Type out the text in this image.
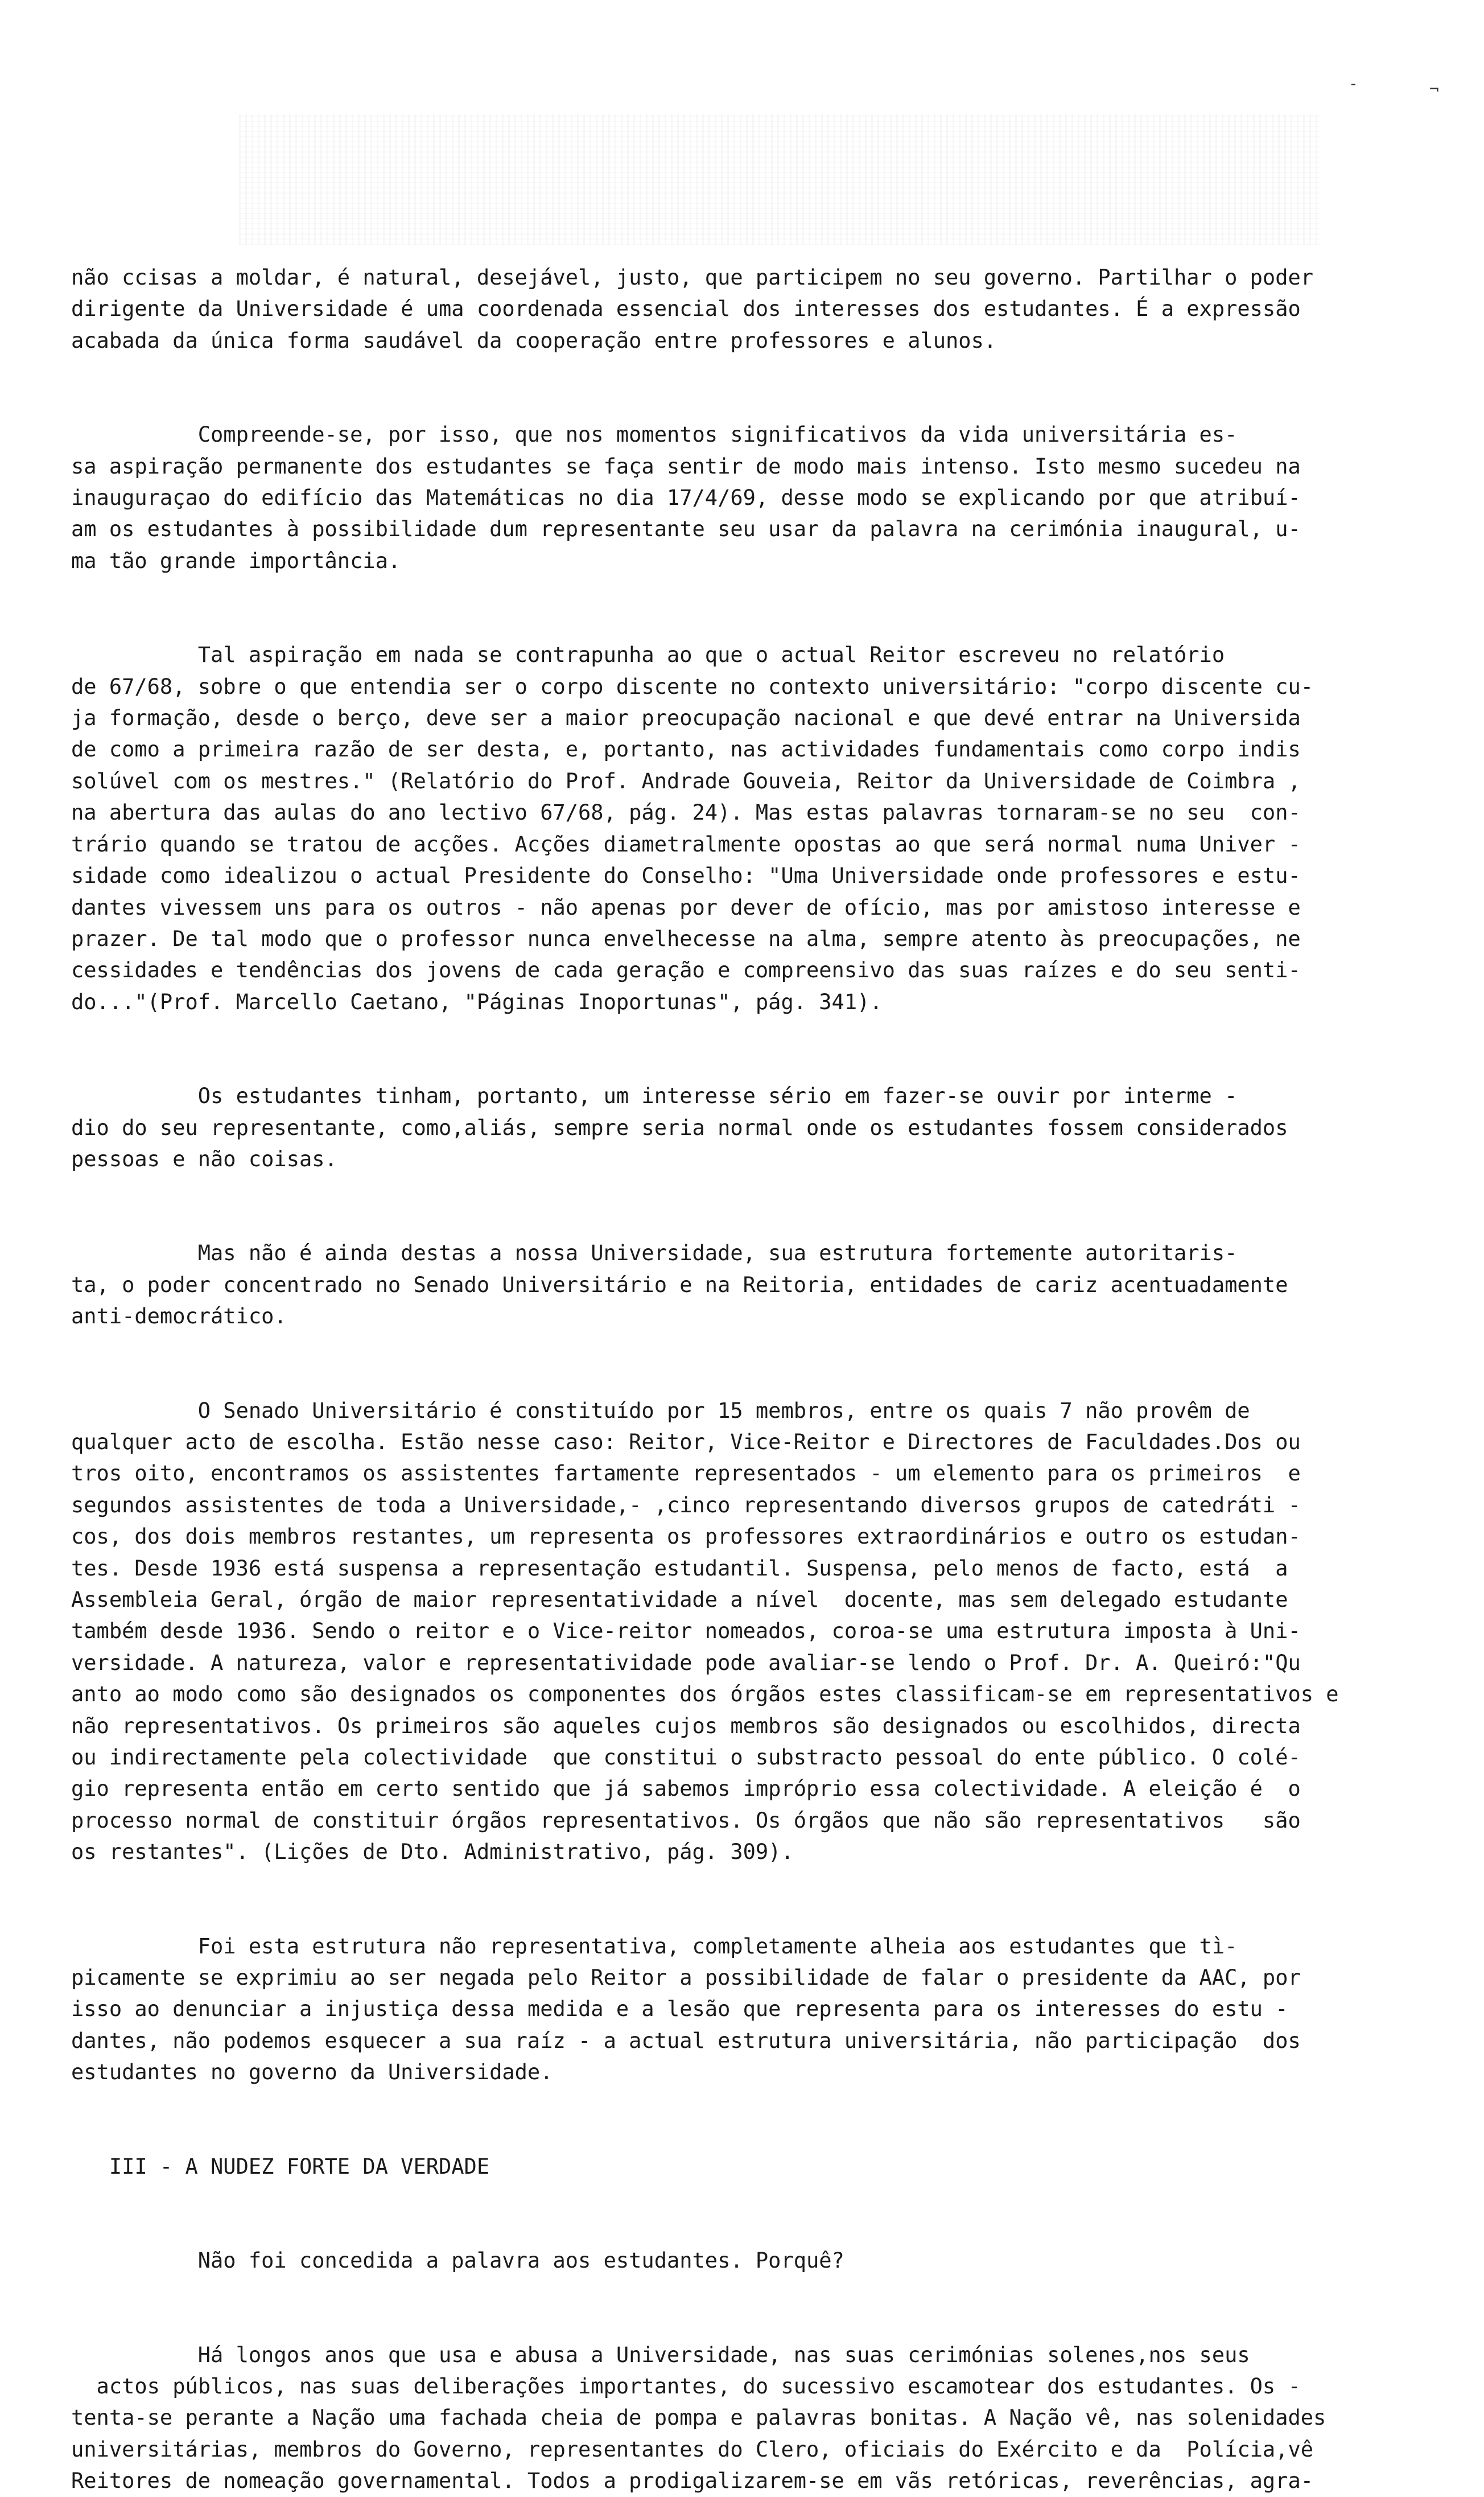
-	¬
não ccisas a moldar, é natural, desejável, justo, que participem no seu governo. Partilhar o poder
dirigente da Universidade é uma coordenada essencial dos interesses dos estudantes. É a expressão
acabada da única forma saudável da cooperação entre professores e alunos.
Compreende-se, por isso, que nos momentos significativos da vida universitária es-
sa aspiração permanente dos estudantes se faça sentir de modo mais intenso. Isto mesmo sucedeu na
inauguraçao do edifício das Matemáticas no dia 17/4/69, desse modo se explicando por que atribuí-
am os estudantes à possibilidade dum representante seu usar da palavra na cerimónia inaugural, u-
ma tão grande importância.
Tal aspiração em nada se contrapunha ao que o actual Reitor escreveu no relatório
de 67/68, sobre o que entendia ser o corpo discente no contexto universitário: "corpo discente cu-
ja formação, desde o berço, deve ser a maior preocupação nacional e que devé entrar na Universida
de como a primeira razão de ser desta, e, portanto, nas actividades fundamentais como corpo indis
solúvel com os mestres." (Relatório do Prof. Andrade Gouveia, Reitor da Universidade de Coimbra ,
na abertura das aulas do ano lectivo 67/68, pág. 24). Mas estas palavras tornaram-se no seu  con-
trário quando se tratou de acções. Acções diametralmente opostas ao que será normal numa Univer -
sidade como idealizou o actual Presidente do Conselho: "Uma Universidade onde professores e estu-
dantes vivessem uns para os outros - não apenas por dever de ofício, mas por amistoso interesse e
prazer. De tal modo que o professor nunca envelhecesse na alma, sempre atento às preocupações, ne
cessidades e tendências dos jovens de cada geração e compreensivo das suas raízes e do seu senti-
do..."(Prof. Marcello Caetano, "Páginas Inoportunas", pág. 341).
Os estudantes tinham, portanto, um interesse sério em fazer-se ouvir por interme -
dio do seu representante, como,aliás, sempre seria normal onde os estudantes fossem considerados
pessoas e não coisas.
Mas não é ainda destas a nossa Universidade, sua estrutura fortemente autoritaris-
ta, o poder concentrado no Senado Universitário e na Reitoria, entidades de cariz acentuadamente
anti-democrático.
O Senado Universitário é constituído por 15 membros, entre os quais 7 não provêm de
qualquer acto de escolha. Estão nesse caso: Reitor, Vice-Reitor e Directores de Faculdades.Dos ou
tros oito, encontramos os assistentes fartamente representados - um elemento para os primeiros  e
segundos assistentes de toda a Universidade,- ,cinco representando diversos grupos de catedráti -
cos, dos dois membros restantes, um representa os professores extraordinários e outro os estudan-
tes. Desde 1936 está suspensa a representação estudantil. Suspensa, pelo menos de facto, está  a
Assembleia Geral, órgão de maior representatividade a nível  docente, mas sem delegado estudante
também desde 1936. Sendo o reitor e o Vice-reitor nomeados, coroa-se uma estrutura imposta à Uni-
versidade. A natureza, valor e representatividade pode avaliar-se lendo o Prof. Dr. A. Queiró:"Qu
anto ao modo como são designados os componentes dos órgãos estes classificam-se em representativos e
não representativos. Os primeiros são aqueles cujos membros são designados ou escolhidos, directa
ou indirectamente pela colectividade  que constitui o substracto pessoal do ente público. O colé-
gio representa então em certo sentido que já sabemos impróprio essa colectividade. A eleição é  o
processo normal de constituir órgãos representativos. Os órgãos que não são representativos   são
os restantes". (Lições de Dto. Administrativo, pág. 309).
Foi esta estrutura não representativa, completamente alheia aos estudantes que tì-
picamente se exprimiu ao ser negada pelo Reitor a possibilidade de falar o presidente da AAC, por
isso ao denunciar a injustiça dessa medida e a lesão que representa para os interesses do estu -
dantes, não podemos esquecer a sua raíz - a actual estrutura universitária, não participação  dos
estudantes no governo da Universidade.
III - A NUDEZ FORTE DA VERDADE
Não foi concedida a palavra aos estudantes. Porquê?
Há longos anos que usa e abusa a Universidade, nas suas cerimónias solenes,nos seus
actos públicos, nas suas deliberações importantes, do sucessivo escamotear dos estudantes. Os -
tenta-se perante a Nação uma fachada cheia de pompa e palavras bonitas. A Nação vê, nas solenidades
universitárias, membros do Governo, representantes do Clero, oficiais do Exército e da  Polícia,vê
Reitores de nomeação governamental. Todos a prodigalizarem-se em vãs retóricas, reverências, agra-
